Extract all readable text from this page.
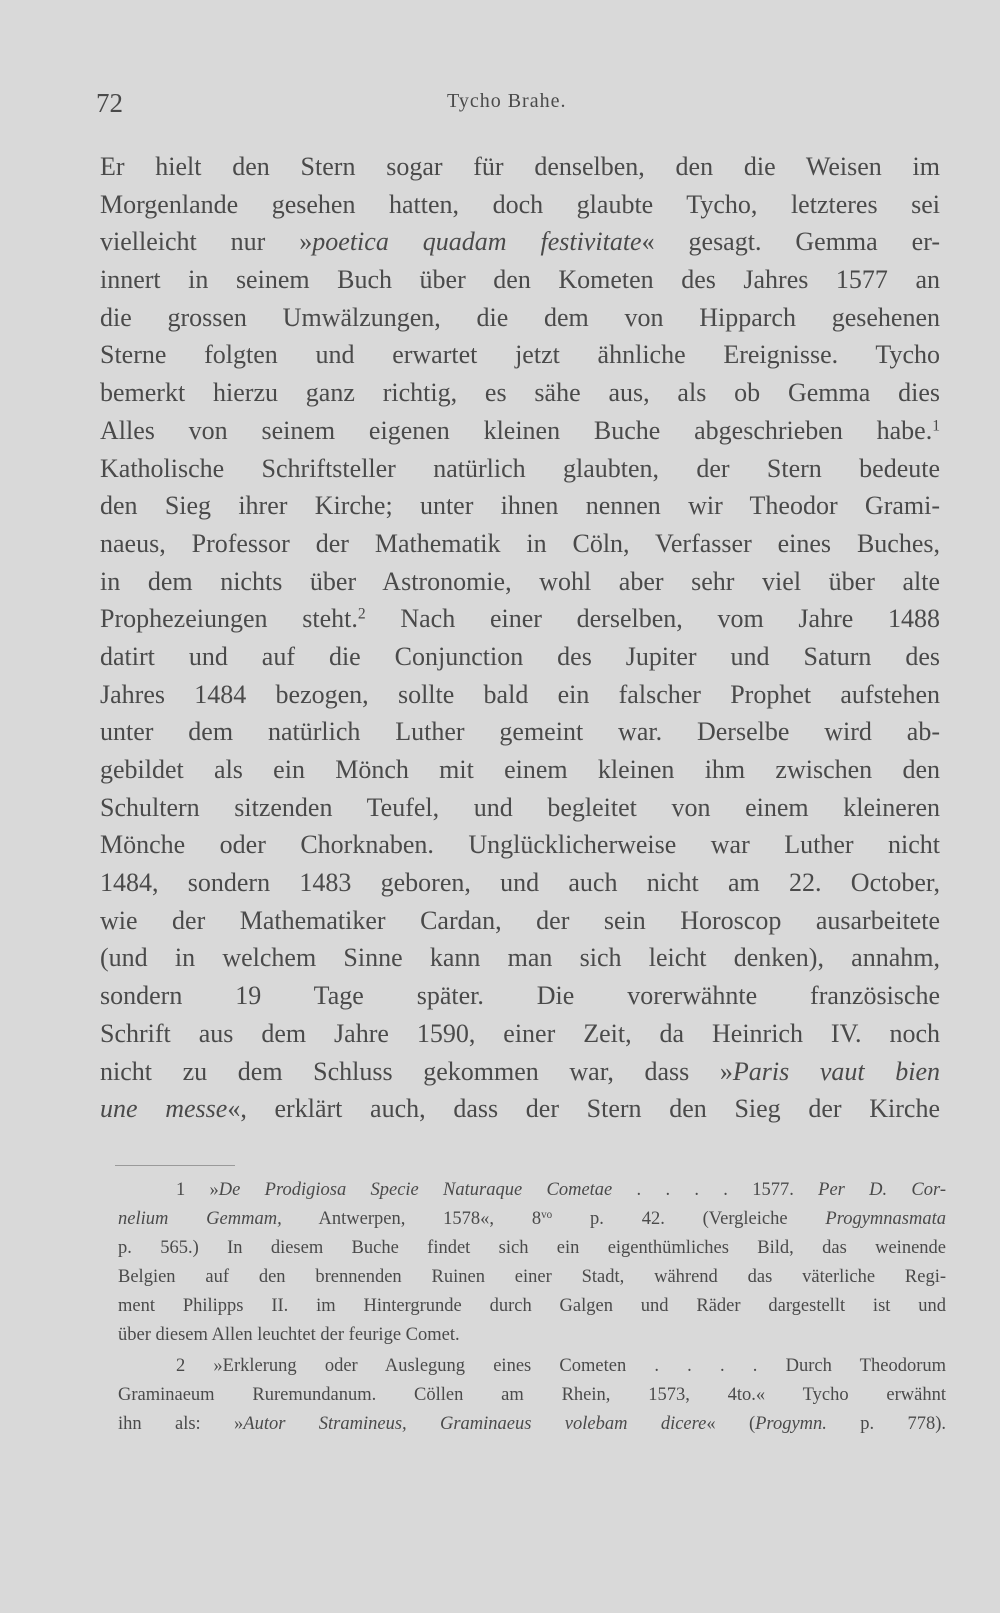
72	Tycho Brahe.
Er hielt den Stern sogar für denselben, den die Weisen im
Morgenlande gesehen hatten, doch glaubte Tycho, letzteres sei
vielleicht nur »poetica quadam festivitate« gesagt. Gemma er-
innert in seinem Buch über den Kometen des Jahres 1577 an
die grossen Umwälzungen, die dem von Hipparch gesehenen
Sterne folgten und erwartet jetzt ähnliche Ereignisse. Tycho
bemerkt hierzu ganz richtig, es sähe aus, als ob Gemma dies
Alles von seinem eigenen kleinen Buche abgeschrieben habe.$^1$
Katholische Schriftsteller natürlich glaubten, der Stern bedeute
den Sieg ihrer Kirche; unter ihnen nennen wir Theodor Grami-
naeus, Professor der Mathematik in Cöln, Verfasser eines Buches,
in dem nichts über Astronomie, wohl aber sehr viel über alte
Prophezeiungen steht.$^2$ Nach einer derselben, vom Jahre 1488
datirt und auf die Conjunction des Jupiter und Saturn des
Jahres 1484 bezogen, sollte bald ein falscher Prophet aufstehen
unter dem natürlich Luther gemeint war. Derselbe wird ab-
gebildet als ein Mönch mit einem kleinen ihm zwischen den
Schultern sitzenden Teufel, und begleitet von einem kleineren
Mönche oder Chorknaben. Unglücklicherweise war Luther nicht
1484, sondern 1483 geboren, und auch nicht am 22. October,
wie der Mathematiker Cardan, der sein Horoscop ausarbeitete
(und in welchem Sinne kann man sich leicht denken), annahm,
sondern 19 Tage später. Die vorerwähnte französische
Schrift aus dem Jahre 1590, einer Zeit, da Heinrich IV. noch
nicht zu dem Schluss gekommen war, dass »Paris vaut bien
une messe«, erklärt auch, dass der Stern den Sieg der Kirche
1 »De Prodigiosa Specie Naturaque Cometae . . . . 1577. Per D. Cor-
nelium Gemmam, Antwerpen, 1578«, $8^{vo}$ p. 42. (Vergleiche Progymnasmata
p. 565.) In diesem Buche findet sich ein eigenthümliches Bild, das weinende
Belgien auf den brennenden Ruinen einer Stadt, während das väterliche Regi-
ment Philipps II. im Hintergrunde durch Galgen und Räder dargestellt ist und
über diesem Allen leuchtet der feurige Comet.
2 »Erklerung oder Auslegung eines Cometen . . . . Durch Theodorum
Graminaeum Ruremundanum. Cöllen am Rhein, 1573, 4to.« Tycho erwähnt
ihn als: »Autor Stramineus, Graminaeus volebam dicere« (Progymn. p. 778).
